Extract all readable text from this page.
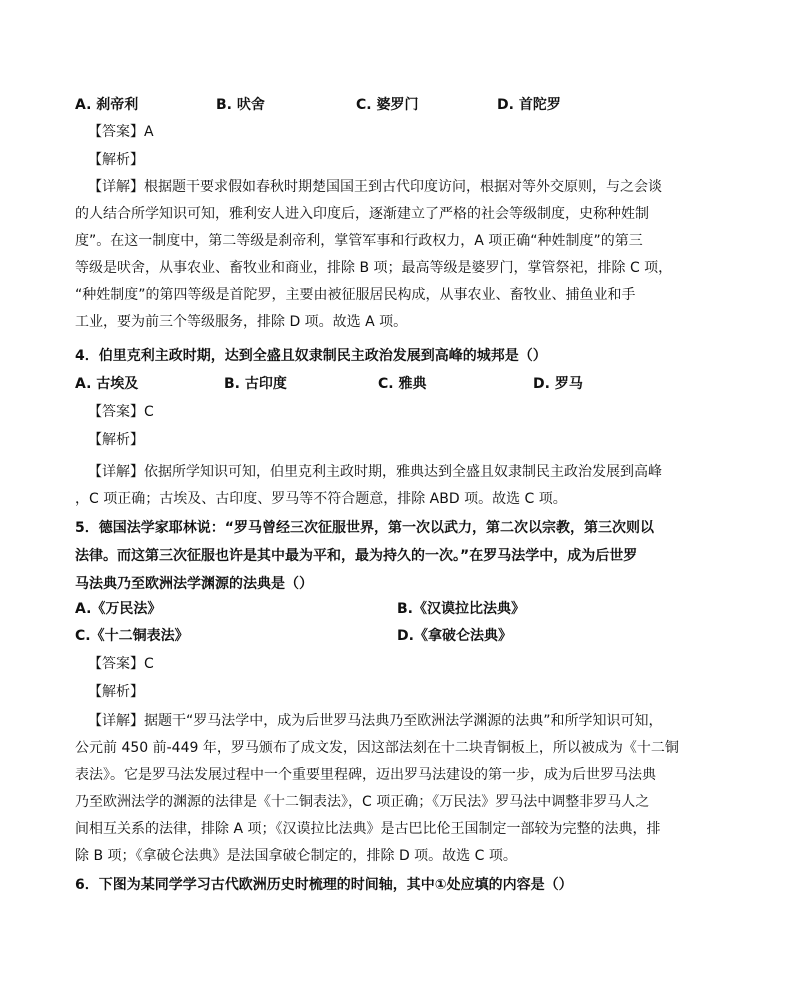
A. 刹帝利	B. 吠舍	C. 婆罗门	D. 首陀罗
【答案】A
【解析】
【详解】根据题干要求假如春秋时期楚国国王到古代印度访问，根据对等外交原则，与之会谈
的人结合所学知识可知，雅利安人进入印度后，逐渐建立了严格的社会等级制度，史称种姓制
度”。在这一制度中，第二等级是刹帝利，掌管军事和行政权力，A 项正确“种姓制度”的第三
等级是吠舍，从事农业、畜牧业和商业，排除 B 项；最高等级是婆罗门，掌管祭祀，排除 C 项，
“种姓制度”的第四等级是首陀罗，主要由被征服居民构成，从事农业、畜牧业、捕鱼业和手
工业，要为前三个等级服务，排除 D 项。故选 A 项。
4．伯里克利主政时期，达到全盛且奴隶制民主政治发展到高峰的城邦是（）
A. 古埃及	B. 古印度	C. 雅典	D. 罗马
【答案】C
【解析】
【详解】依据所学知识可知，伯里克利主政时期，雅典达到全盛且奴隶制民主政治发展到高峰
，C 项正确；古埃及、古印度、罗马等不符合题意，排除 ABD 项。故选 C 项。
5．德国法学家耶林说：“罗马曾经三次征服世界，第一次以武力，第二次以宗教，第三次则以
法律。而这第三次征服也许是其中最为平和，最为持久的一次。”在罗马法学中，成为后世罗
马法典乃至欧洲法学渊源的法典是（）
A.《万民法》	B.《汉谟拉比法典》
C.《十二铜表法》	D.《拿破仑法典》
【答案】C
【解析】
【详解】据题干“罗马法学中，成为后世罗马法典乃至欧洲法学渊源的法典”和所学知识可知，
公元前 450 前-449 年，罗马颁布了成文发，因这部法刻在十二块青铜板上，所以被成为《十二铜
表法》。它是罗马法发展过程中一个重要里程碑，迈出罗马法建设的第一步，成为后世罗马法典
乃至欧洲法学的渊源的法律是《十二铜表法》，C 项正确；《万民法》罗马法中调整非罗马人之
间相互关系的法律，排除 A 项；《汉谟拉比法典》是古巴比伦王国制定一部较为完整的法典，排
除 B 项；《拿破仑法典》是法国拿破仑制定的，排除 D 项。故选 C 项。
6．下图为某同学学习古代欧洲历史时梳理的时间轴，其中①处应填的内容是（）
